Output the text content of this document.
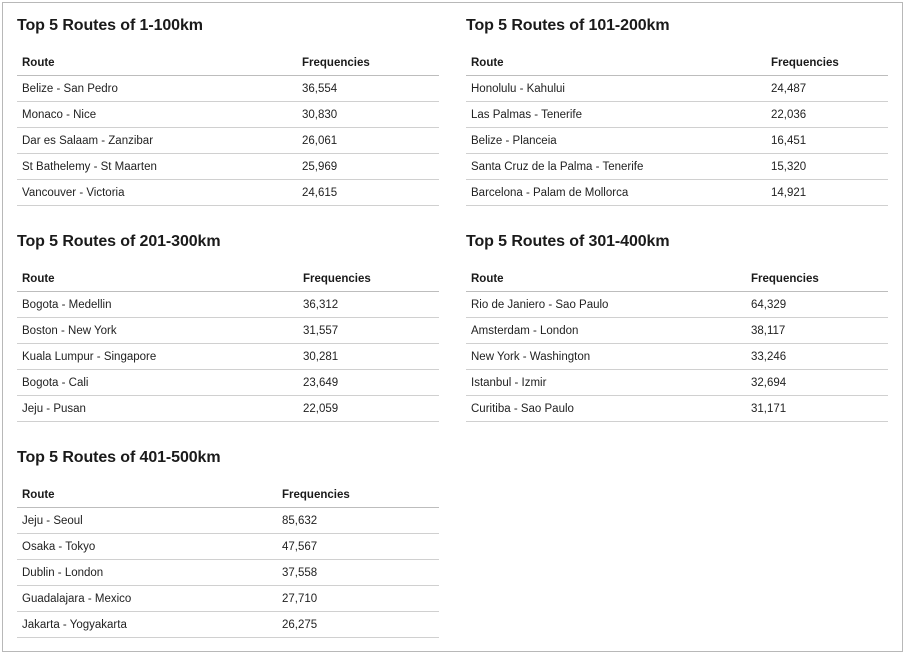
Top 5 Routes of 1-100km
Route	Frequencies
Belize - San Pedro	36,554
Monaco - Nice	30,830
Dar es Salaam - Zanzibar	26,061
St Bathelemy - St Maarten	25,969
Vancouver - Victoria	24,615
Top 5 Routes of 101-200km
Route	Frequencies
Honolulu - Kahului	24,487
Las Palmas - Tenerife	22,036
Belize - Planceia	16,451
Santa Cruz de la Palma - Tenerife	15,320
Barcelona - Palam de Mollorca	14,921
Top 5 Routes of 201-300km
Route	Frequencies
Bogota - Medellin	36,312
Boston - New York	31,557
Kuala Lumpur - Singapore	30,281
Bogota - Cali	23,649
Jeju - Pusan	22,059
Top 5 Routes of 301-400km
Route	Frequencies
Rio de Janiero - Sao Paulo	64,329
Amsterdam - London	38,117
New York - Washington	33,246
Istanbul - Izmir	32,694
Curitiba - Sao Paulo	31,171
Top 5 Routes of 401-500km
Route	Frequencies
Jeju - Seoul	85,632
Osaka - Tokyo	47,567
Dublin - London	37,558
Guadalajara - Mexico	27,710
Jakarta - Yogyakarta	26,275
